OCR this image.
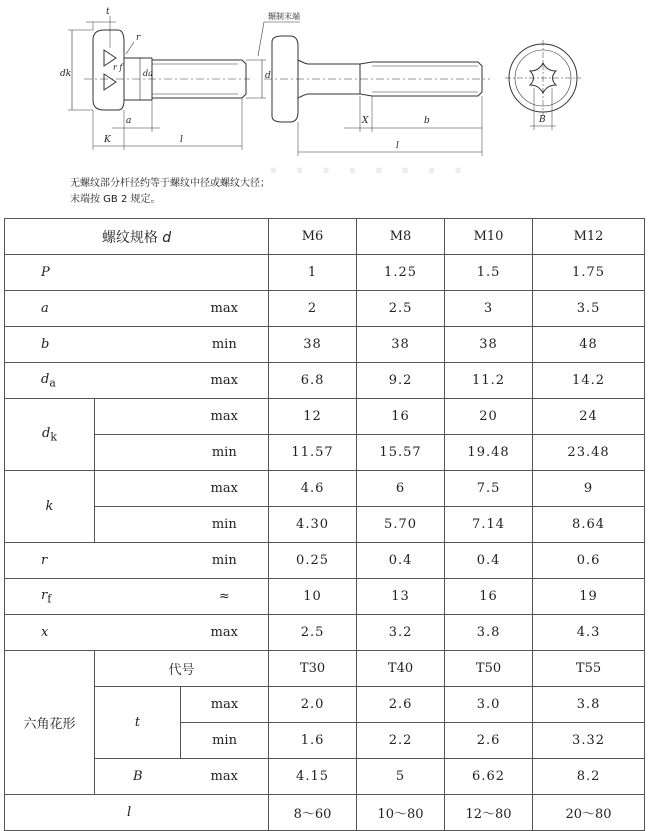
t
r
r f
dk	da	d
a
K	l
X	b
l
B
辗制末端
· · · · · · · ·
无螺纹部分杆径约等于螺纹中径或螺纹大径；
末端按 GB 2 规定。
螺纹规格 d			M6	M8	M10	M12
P			1	1.25	1.5	1.75
a		max	2	2.5	3	3.5
b		min	38	38	38	48
$d_a$		max	6.8	9.2	11.2	14.2
$d_k$		max	12	16	20	24
		min	11.57	15.57	19.48	23.48
k		max	4.6	6	7.5	9
		min	4.30	5.70	7.14	8.64
r		min	0.25	0.4	0.4	0.6
$r_f$		≈	10	13	16	19
x		max	2.5	3.2	3.8	4.3
六角花形	代号		T30	T40	T50	T55
	t	max	2.0	2.6	3.0	3.8
		min	1.6	2.2	2.6	3.32
	B	max	4.15	5	6.62	8.2
l			8～60	10～80	12～80	20～80
